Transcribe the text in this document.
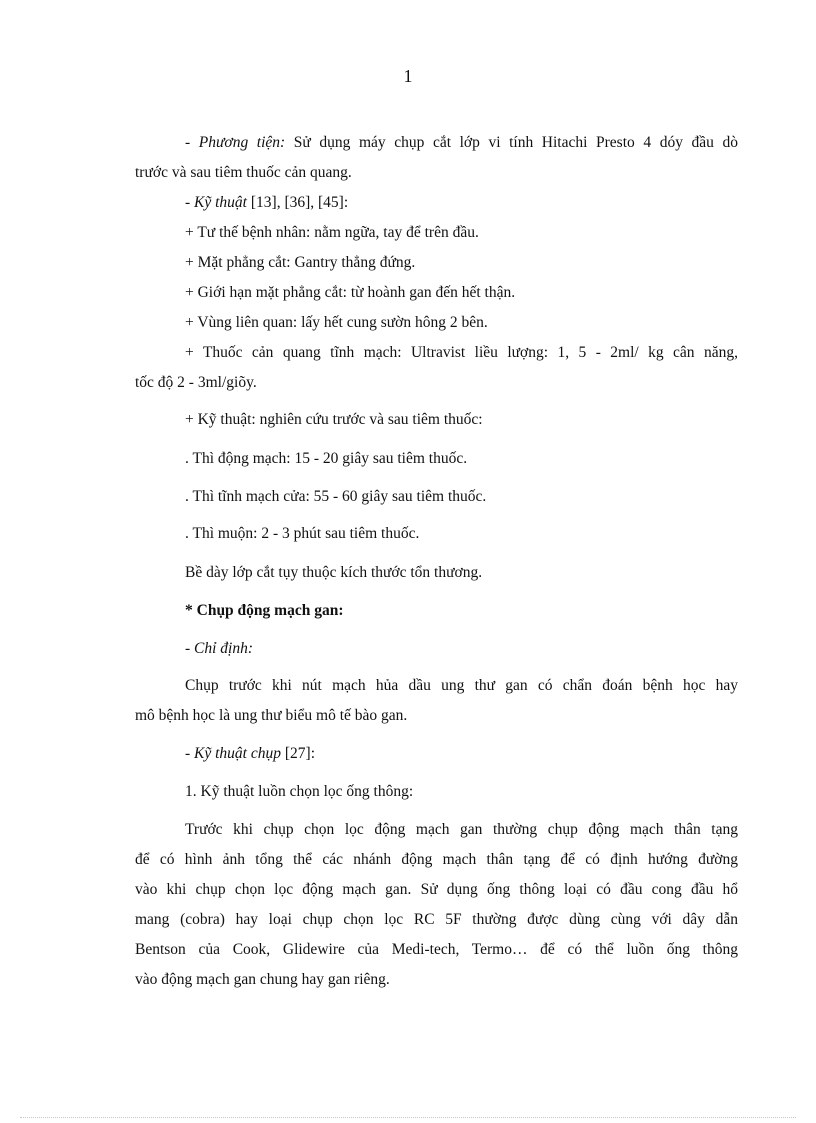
1
- Phương tiện: Sử dụng máy chụp cắt lớp vi tính Hitachi Presto 4 dóy đầu dò
trước và sau tiêm thuốc cản quang.
- Kỹ thuật [13], [36], [45]:
+ Tư thế bệnh nhân: nằm ngữa, tay để trên đầu.
+ Mặt phẳng cắt: Gantry thẳng đứng.
+ Giới hạn mặt phẳng cắt: từ hoành gan đến hết thận.
+ Vùng liên quan: lấy hết cung sườn hông 2 bên.
+ Thuốc cản quang tĩnh mạch: Ultravist liều lượng: 1, 5 - 2ml/ kg cân năng,
tốc độ 2 - 3ml/giõy.
+ Kỹ thuật: nghiên cứu trước và sau tiêm thuốc:
. Thì động mạch: 15 - 20 giây sau tiêm thuốc.
. Thì tĩnh mạch cửa: 55 - 60 giây sau tiêm thuốc.
. Thì muộn: 2 - 3 phút sau tiêm thuốc.
Bề dày lớp cắt tụy thuộc kích thước tổn thương.
* Chụp động mạch gan:
- Chỉ định:
Chụp trước khi nút mạch hủa dầu ung thư gan có chẩn đoán bệnh học hay
mô bệnh học là ung thư biểu mô tế bào gan.
- Kỹ thuật chụp [27]:
1. Kỹ thuật luồn chọn lọc ống thông:
Trước khi chụp chọn lọc động mạch gan thường chụp động mạch thân tạng
để có hình ảnh tổng thể các nhánh động mạch thân tạng để có định hướng đường
vào khi chụp chọn lọc động mạch gan. Sử dụng ống thông loại có đầu cong đầu hổ
mang (cobra) hay loại chụp chọn lọc RC 5F thường được dùng cùng với dây dẫn
Bentson của Cook, Glidewire của Medi-tech, Termo… để có thể luồn ống thông
vào động mạch gan chung hay gan riêng.
